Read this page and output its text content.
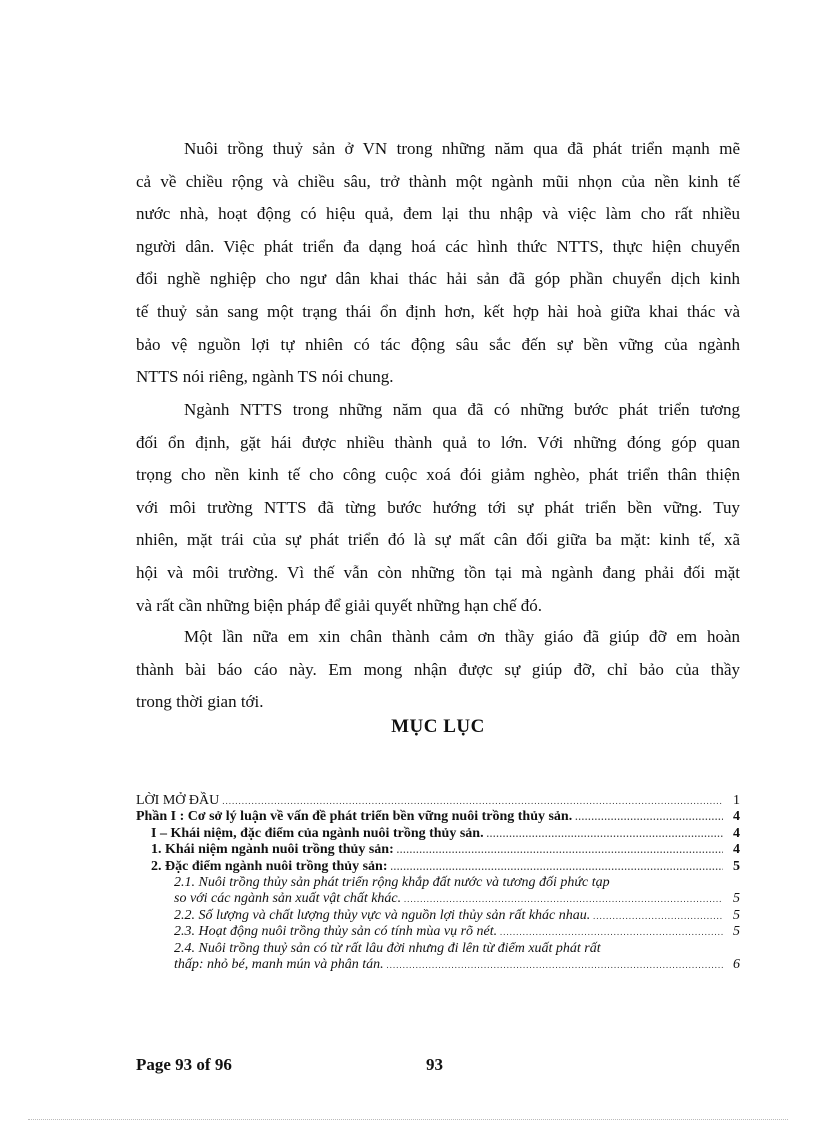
Nuôi trồng thuỷ sản ở VN trong những năm qua đã phát triển mạnh mẽ
cả về chiều rộng và chiều sâu, trở thành một ngành mũi nhọn của nền kinh tế
nước nhà, hoạt động có hiệu quả, đem lại thu nhập và việc làm cho rất nhiều
người dân. Việc phát triển đa dạng hoá các hình thức NTTS, thực hiện chuyển
đổi nghề nghiệp cho ngư dân khai thác hải sản đã góp phần chuyển dịch kinh
tế thuỷ sản sang một trạng thái ổn định hơn, kết hợp hài hoà giữa khai thác và
bảo vệ nguồn lợi tự nhiên có tác động sâu sắc đến sự bền vững của ngành
NTTS nói riêng, ngành TS nói chung.
Ngành NTTS trong những năm qua đã có những bước phát triển tương
đối ổn định, gặt hái được nhiều thành quả to lớn. Với những đóng góp quan
trọng cho nền kinh tế cho công cuộc xoá đói giảm nghèo, phát triển thân thiện
với môi trường NTTS đã từng bước hướng tới sự phát triển bền vững. Tuy
nhiên, mặt trái của sự phát triển đó là sự mất cân đối giữa ba mặt: kinh tế, xã
hội và môi trường. Vì thế vẫn còn những tồn tại mà ngành đang phải đối mặt
và rất cần những biện pháp để giải quyết những hạn chế đó.
Một lần nữa em xin chân thành cảm ơn thầy giáo đã giúp đỡ em hoàn
thành bài báo cáo này. Em mong nhận được sự giúp đỡ, chỉ bảo của thầy
trong thời gian tới.
MỤC LỤC
LỜI MỞ ĐẦU .....	1
Phần I : Cơ sở lý luận về vấn đề phát triển bền vững nuôi trồng thủy sản. .....	4
I – Khái niệm, đặc điểm của ngành nuôi trồng thủy sản. .....	4
1. Khái niệm ngành nuôi trồng thủy sản: .....	4
2. Đặc điểm ngành nuôi trồng thủy sản: .....	5
2.1. Nuôi trồng thủy sản phát triển rộng khắp đất nước và tương đối phức tạp
so với các ngành sản xuất vật chất khác. .....	5
2.2. Số lượng và chất lượng thủy vực và nguồn lợi thủy sản rất khác nhau. .....	5
2.3. Hoạt động nuôi trồng thủy sản có tính mùa vụ rõ nét. .....	5
2.4. Nuôi trồng thuỷ sản có từ rất lâu đời nhưng đi lên từ điểm xuất phát rất
thấp: nhỏ bé, manh mún và phân tán. .....	6
Page 93 of 96	93
